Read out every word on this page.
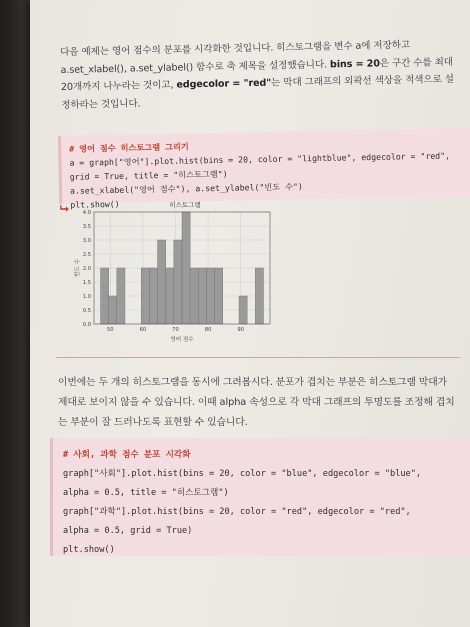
다음 예제는 영어 점수의 분포를 시각화한 것입니다. 히스토그램을 변수 a에 저장하고 a.set_xlabel(), a.set_ylabel() 함수로 축 제목을 설정했습니다. bins = 20은 구간 수를 최대 20개까지 나누라는 것이고, edgecolor = "red"는 막대 그래프의 외곽선 색상을 적색으로 설정하라는 것입니다.
# 영어 점수 히스토그램 그리기
a = graph["영어"].plot.hist(bins = 20, color = "lightblue", edgecolor = "red",
grid = True, title = "히스토그램")
a.set_xlabel("영어 점수"), a.set_ylabel("빈도 수")
plt.show()
⮡	히스토그램
50	60	70	80	90
0.0
0.5
1.0
1.5
2.0
2.5
3.0
3.5
4.0
영어 점수
빈도 수
이번에는 두 개의 히스토그램을 동시에 그려봅시다. 분포가 겹치는 부분은 히스토그램 막대가 제대로 보이지 않을 수 있습니다. 이때 alpha 속성으로 각 막대 그래프의 투명도를 조정해 겹치는 부분이 잘 드러나도록 표현할 수 있습니다.
# 사회, 과학 점수 분포 시각화
graph["사회"].plot.hist(bins = 20, color = "blue", edgecolor = "blue",
alpha = 0.5, title = "히스토그램")
graph["과학"].plot.hist(bins = 20, color = "red", edgecolor = "red",
alpha = 0.5, grid = True)
plt.show()
